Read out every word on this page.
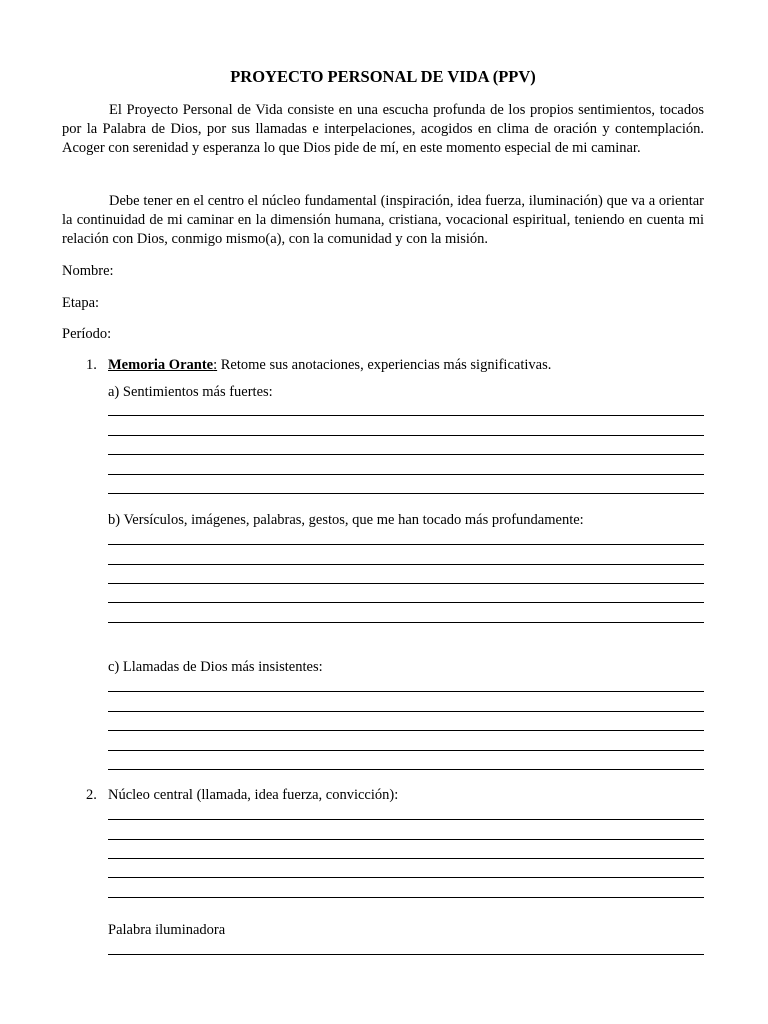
PROYECTO PERSONAL DE VIDA (PPV)

El Proyecto Personal de Vida consiste en una escucha profunda de los propios sentimientos, tocados por la Palabra de Dios, por sus llamadas e interpelaciones, acogidos en clima de oración y contemplación. Acoger con serenidad y esperanza lo que Dios pide de mí, en este momento especial de mi caminar.

Debe tener en el centro el núcleo fundamental (inspiración, idea fuerza, iluminación) que va a orientar la continuidad de mi caminar en la dimensión humana, cristiana, vocacional espiritual, teniendo en cuenta mi relación con Dios, conmigo mismo(a), con la comunidad y con la misión.

Nombre:
Etapa:
Período:
1. Memoria Orante: Retome sus anotaciones, experiencias más significativas.
a) Sentimientos más fuertes:
b) Versículos, imágenes, palabras, gestos, que me han tocado más profundamente:
c) Llamadas de Dios más insistentes:
2. Núcleo central (llamada, idea fuerza, convicción):
Palabra iluminadora
